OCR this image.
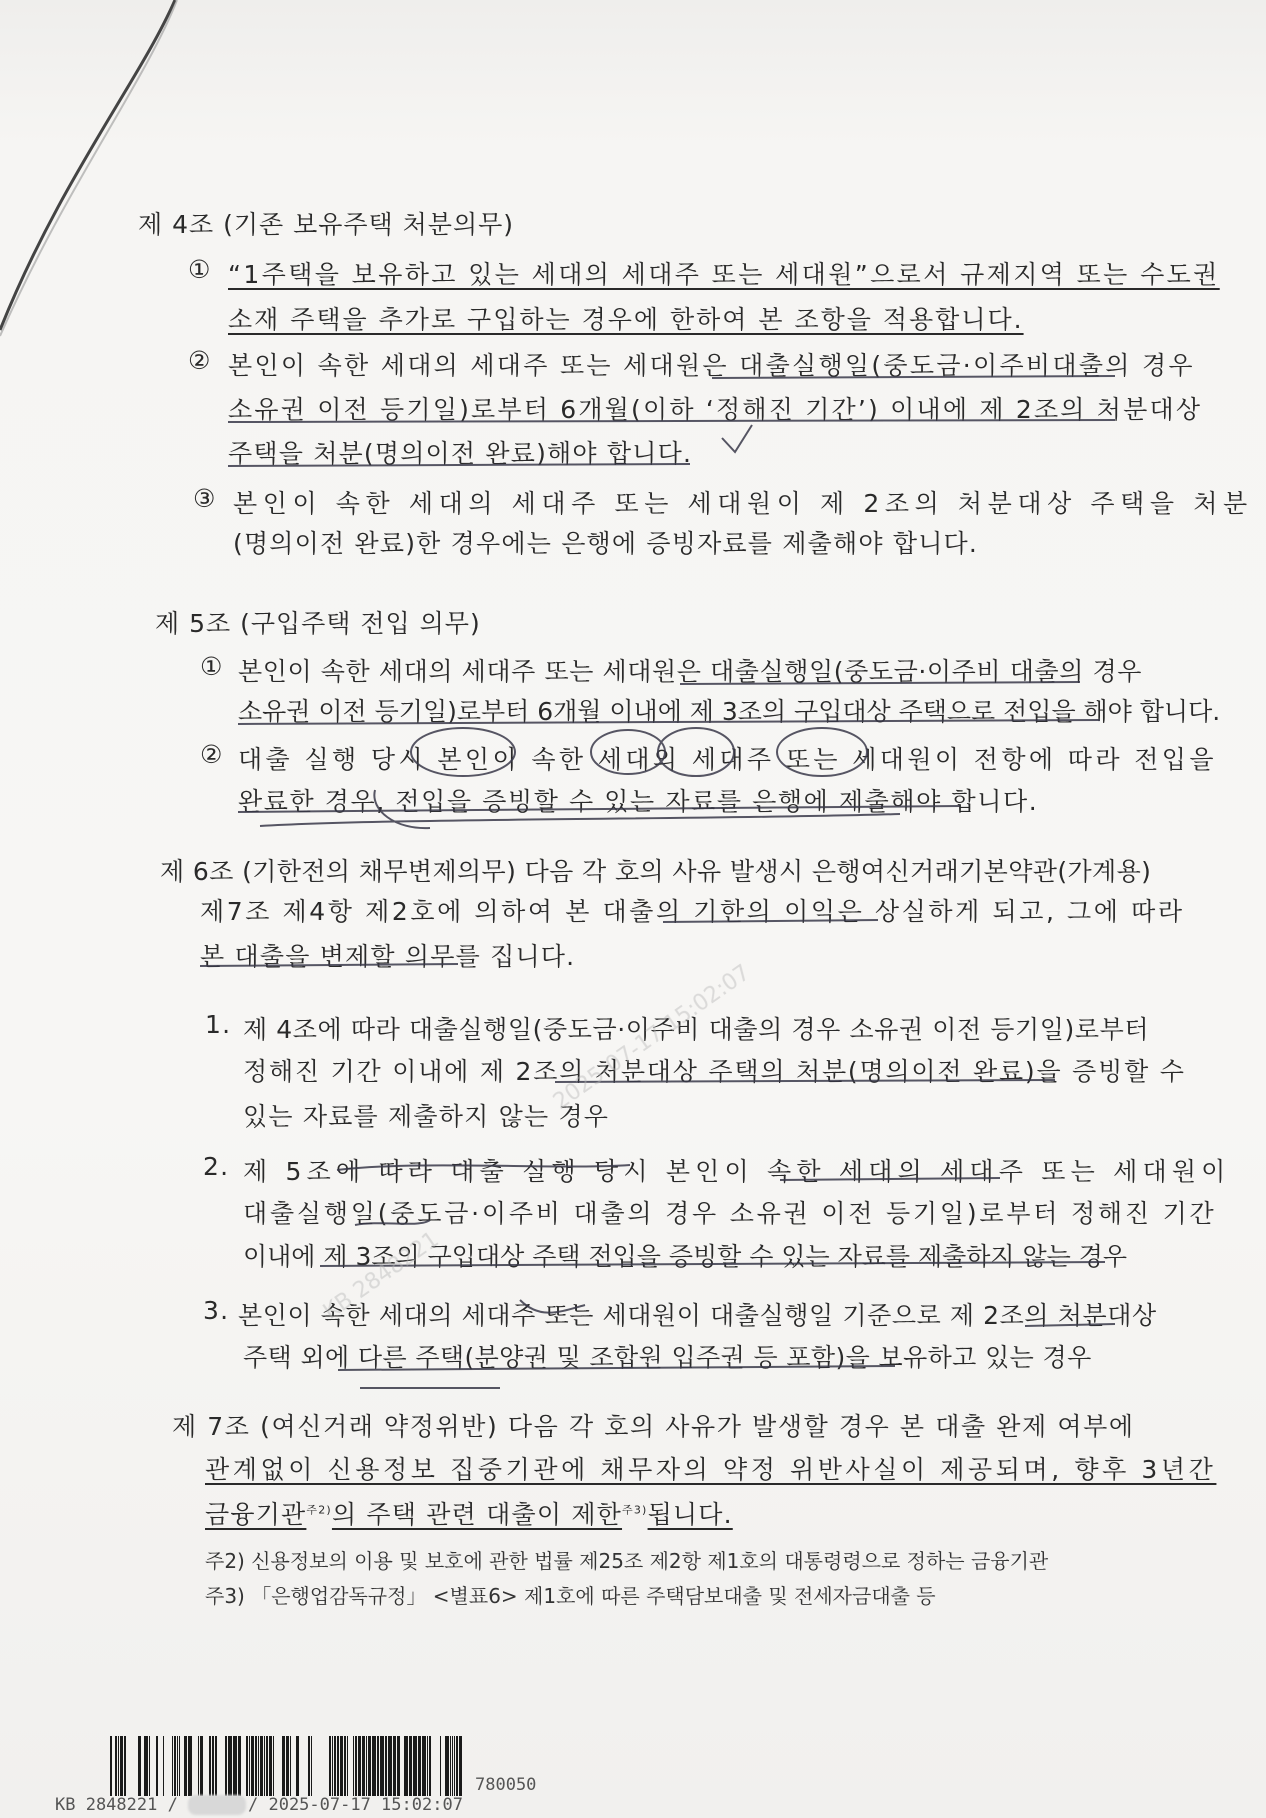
제 4조 (기존 보유주택 처분의무)
① “1주택을 보유하고 있는 세대의 세대주 또는 세대원”으로서 규제지역 또는 수도권
소재 주택을 추가로 구입하는 경우에 한하여 본 조항을 적용합니다.
② 본인이 속한 세대의 세대주 또는 세대원은 대출실행일(중도금·이주비대출의 경우
소유권 이전 등기일)로부터 6개월(이하 ‘정해진 기간’) 이내에 제 2조의 처분대상
주택을 처분(명의이전 완료)해야 합니다.
③ 본인이 속한 세대의 세대주 또는 세대원이 제 2조의 처분대상 주택을 처분
(명의이전 완료)한 경우에는 은행에 증빙자료를 제출해야 합니다.
제 5조 (구입주택 전입 의무)
① 본인이 속한 세대의 세대주 또는 세대원은 대출실행일(중도금·이주비 대출의 경우
소유권 이전 등기일)로부터 6개월 이내에 제 3조의 구입대상 주택으로 전입을 해야 합니다.
② 대출 실행 당시 본인이 속한 세대의 세대주 또는 세대원이 전항에 따라 전입을
완료한 경우, 전입을 증빙할 수 있는 자료를 은행에 제출해야 합니다.
제 6조 (기한전의 채무변제의무) 다음 각 호의 사유 발생시 은행여신거래기본약관(가계용)
제7조 제4항 제2호에 의하여 본 대출의 기한의 이익은 상실하게 되고, 그에 따라
본 대출을 변제할 의무를 집니다.
1. 제 4조에 따라 대출실행일(중도금·이주비 대출의 경우 소유권 이전 등기일)로부터
정해진 기간 이내에 제 2조의 처분대상 주택의 처분(명의이전 완료)을 증빙할 수
있는 자료를 제출하지 않는 경우
2. 제 5조에 따라 대출 실행 당시 본인이 속한 세대의 세대주 또는 세대원이
대출실행일(중도금·이주비 대출의 경우 소유권 이전 등기일)로부터 정해진 기간
이내에 제 3조의 구입대상 주택 전입을 증빙할 수 있는 자료를 제출하지 않는 경우
3. 본인이 속한 세대의 세대주 또는 세대원이 대출실행일 기준으로 제 2조의 처분대상
주택 외에 다른 주택(분양권 및 조합원 입주권 등 포함)을 보유하고 있는 경우
제 7조 (여신거래 약정위반) 다음 각 호의 사유가 발생할 경우 본 대출 완제 여부에
관계없이 신용정보 집중기관에 채무자의 약정 위반사실이 제공되며, 향후 3년간
금융기관$^{주2)}$의 주택 관련 대출이 제한$^{주3)}$됩니다.
주2) 신용정보의 이용 및 보호에 관한 법률 제25조 제2항 제1호의 대통령령으로 정하는 금융기관
주3) 「은행업감독규정」 <별표6> 제1호에 따른 주택담보대출 및 전세자금대출 등
2025-07-17 15:02:07
KB 2848221
780050
KB 2848221 /	/ 2025-07-17 15:02:07
